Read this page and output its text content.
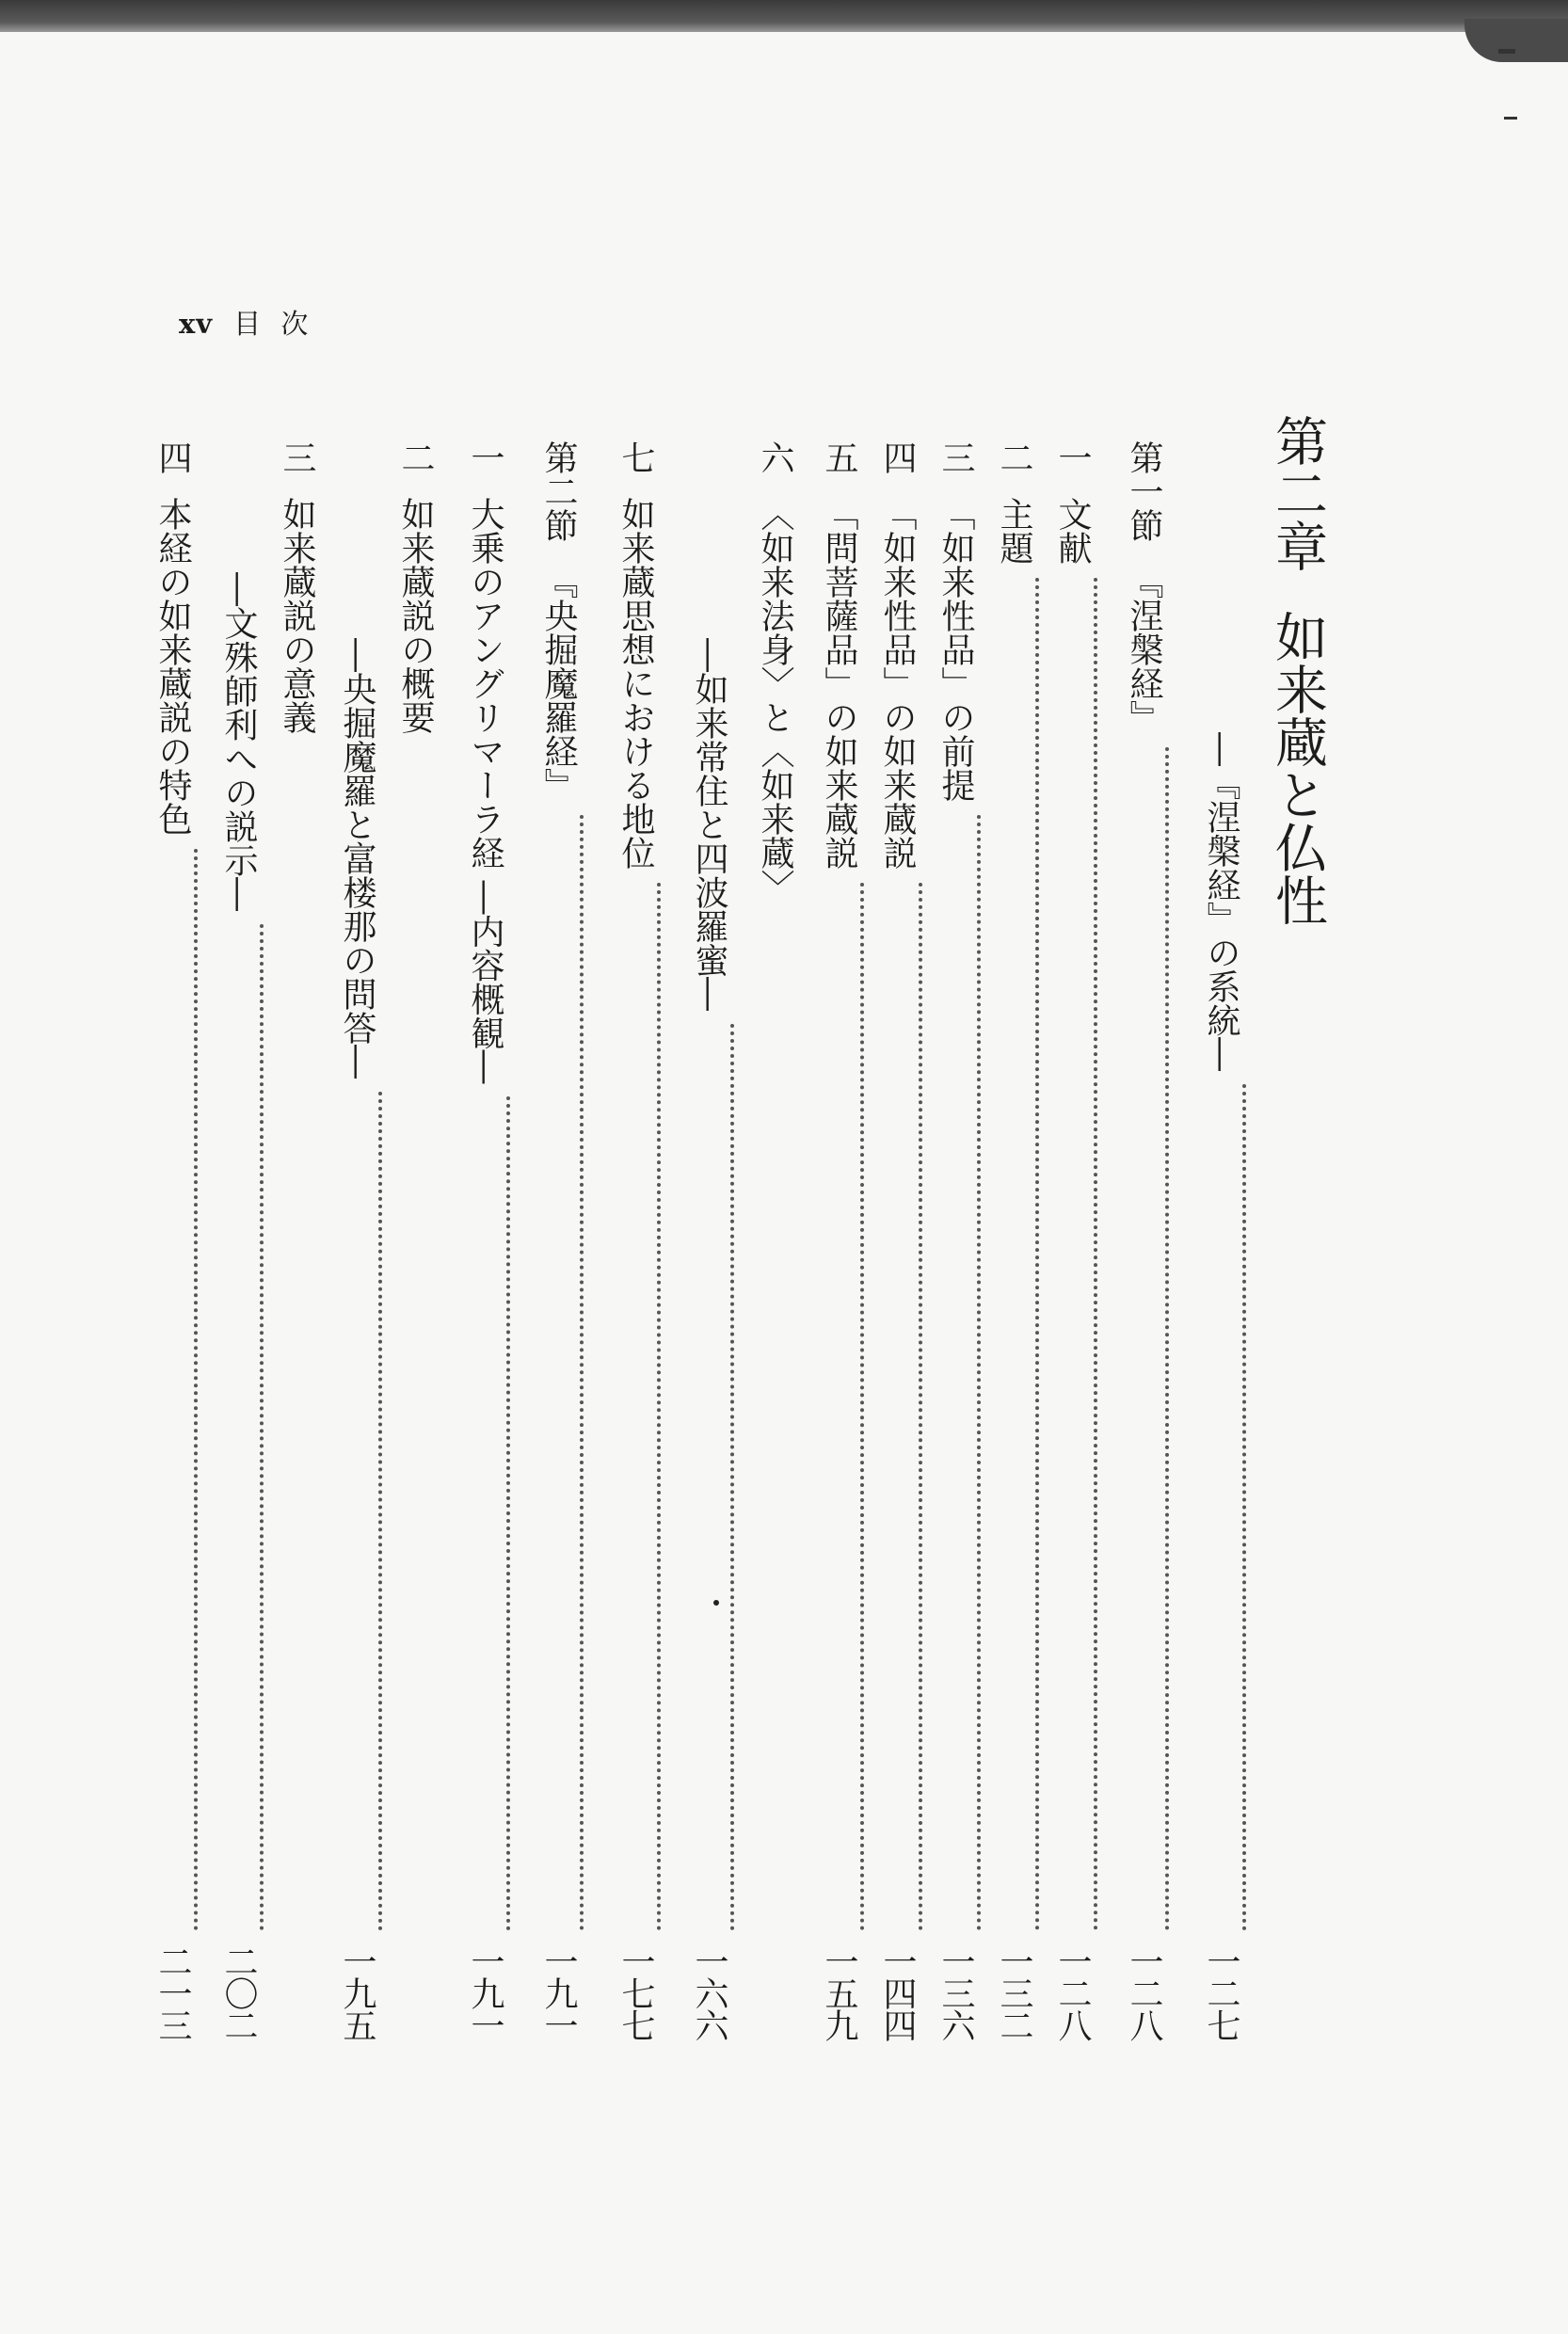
xv 目 次
第二章如来蔵と仏性
―『涅槃経』の系統―
一二七
第一節
『涅槃経』
一二八
一
文献
一二八
二
主題
一三二
三
「如来性品」の前提
一三六
四
「如来性品」の如来蔵説
一四四
五
「問菩薩品」の如来蔵説
一五九
六
〈如来法身〉と〈如来蔵〉
―如来常住と四波羅蜜―
一六六
七
如来蔵思想における地位
一七七
第二節
『央掘魔羅経』
一九一
一
大乗のアングリマーラ経 ―内容概観―
一九一
二
如来蔵説の概要
―央掘魔羅と富楼那の問答―
一九五
三
如来蔵説の意義
―文殊師利への説示―
二〇二
四
本経の如来蔵説の特色
二一三
